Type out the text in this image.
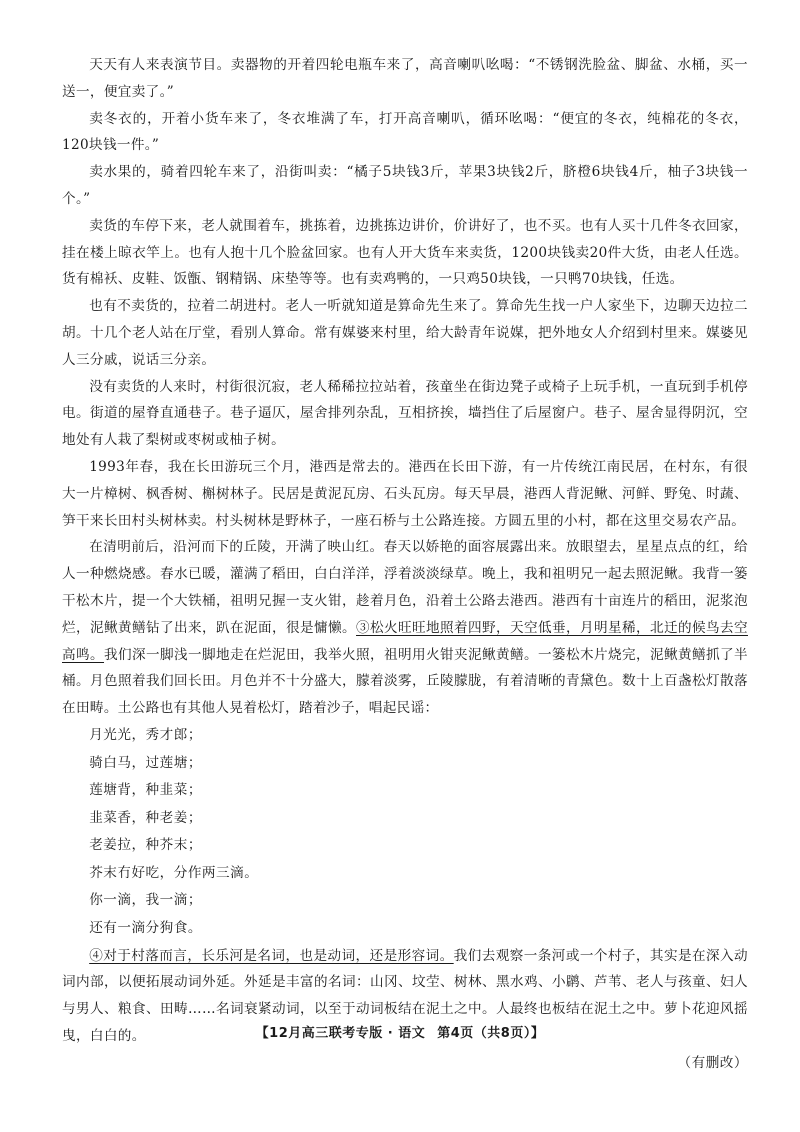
天天有人来表演节目。卖器物的开着四轮电瓶车来了，高音喇叭吆喝：“不锈钢洗脸盆、脚盆、水桶，买一送一，便宜卖了。”

卖冬衣的，开着小货车来了，冬衣堆满了车，打开高音喇叭，循环吆喝：“便宜的冬衣，纯棉花的冬衣，120块钱一件。”

卖水果的，骑着四轮车来了，沿街叫卖：“橘子5块钱3斤，苹果3块钱2斤，脐橙6块钱4斤，柚子3块钱一个。”

卖货的车停下来，老人就围着车，挑拣着，边挑拣边讲价，价讲好了，也不买。也有人买十几件冬衣回家，挂在楼上晾衣竿上。也有人抱十几个脸盆回家。也有人开大货车来卖货，1200块钱卖20件大货，由老人任选。货有棉袄、皮鞋、饭甑、钢精锅、床垫等等。也有卖鸡鸭的，一只鸡50块钱，一只鸭70块钱，任选。

也有不卖货的，拉着二胡进村。老人一听就知道是算命先生来了。算命先生找一户人家坐下，边聊天边拉二胡。十几个老人站在厅堂，看别人算命。常有媒婆来村里，给大龄青年说媒，把外地女人介绍到村里来。媒婆见人三分戚，说话三分亲。

没有卖货的人来时，村街很沉寂，老人稀稀拉拉站着，孩童坐在街边凳子或椅子上玩手机，一直玩到手机停电。街道的屋脊直通巷子。巷子逼仄，屋舍排列杂乱，互相挤挨，墙挡住了后屋窗户。巷子、屋舍显得阴沉，空地处有人栽了梨树或枣树或柚子树。

1993年春，我在长田游玩三个月，港西是常去的。港西在长田下游，有一片传统江南民居，在村东，有很大一片樟树、枫香树、槲树林子。民居是黄泥瓦房、石头瓦房。每天早晨，港西人背泥鳅、河鲜、野兔、时蔬、笋干来长田村头树林卖。村头树林是野林子，一座石桥与土公路连接。方圆五里的小村，都在这里交易农产品。

在清明前后，沿河而下的丘陵，开满了映山红。春天以娇艳的面容展露出来。放眼望去，星星点点的红，给人一种燃烧感。春水已暖，灌满了稻田，白白洋洋，浮着淡淡绿草。晚上，我和祖明兄一起去照泥鳅。我背一篓干松木片，提一个大铁桶，祖明兄握一支火钳，趁着月色，沿着土公路去港西。港西有十亩连片的稻田，泥浆泡烂，泥鳅黄鳝钻了出来，趴在泥面，很是慵懒。③松火旺旺地照着四野，天空低垂，月明星稀，北迁的候鸟去空高鸣。我们深一脚浅一脚地走在烂泥田，我举火照，祖明用火钳夹泥鳅黄鳝。一篓松木片烧完，泥鳅黄鳝抓了半桶。月色照着我们回长田。月色并不十分盛大，朦着淡雾，丘陵朦胧，有着清晰的青黛色。数十上百盏松灯散落在田畴。土公路也有其他人晃着松灯，踏着沙子，唱起民谣：

月光光，秀才郎；

骑白马，过莲塘；

莲塘背，种韭菜；

韭菜香，种老姜；

老姜拉，种芥末；

芥末冇好吃，分作两三滴。

你一滴，我一滴；

还有一滴分狗食。

④对于村落而言，长乐河是名词，也是动词，还是形容词。我们去观察一条河或一个村子，其实是在深入动词内部，以便拓展动词外延。外延是丰富的名词：山冈、坟茔、树林、黑水鸡、小䴙、芦苇、老人与孩童、妇人与男人、粮食、田畴……名词衰紧动词，以至于动词板结在泥土之中。人最终也板结在泥土之中。萝卜花迎风摇曳，白白的。

（有删改）

【12月高三联考专版 · 语文 第4页（共8页）】
